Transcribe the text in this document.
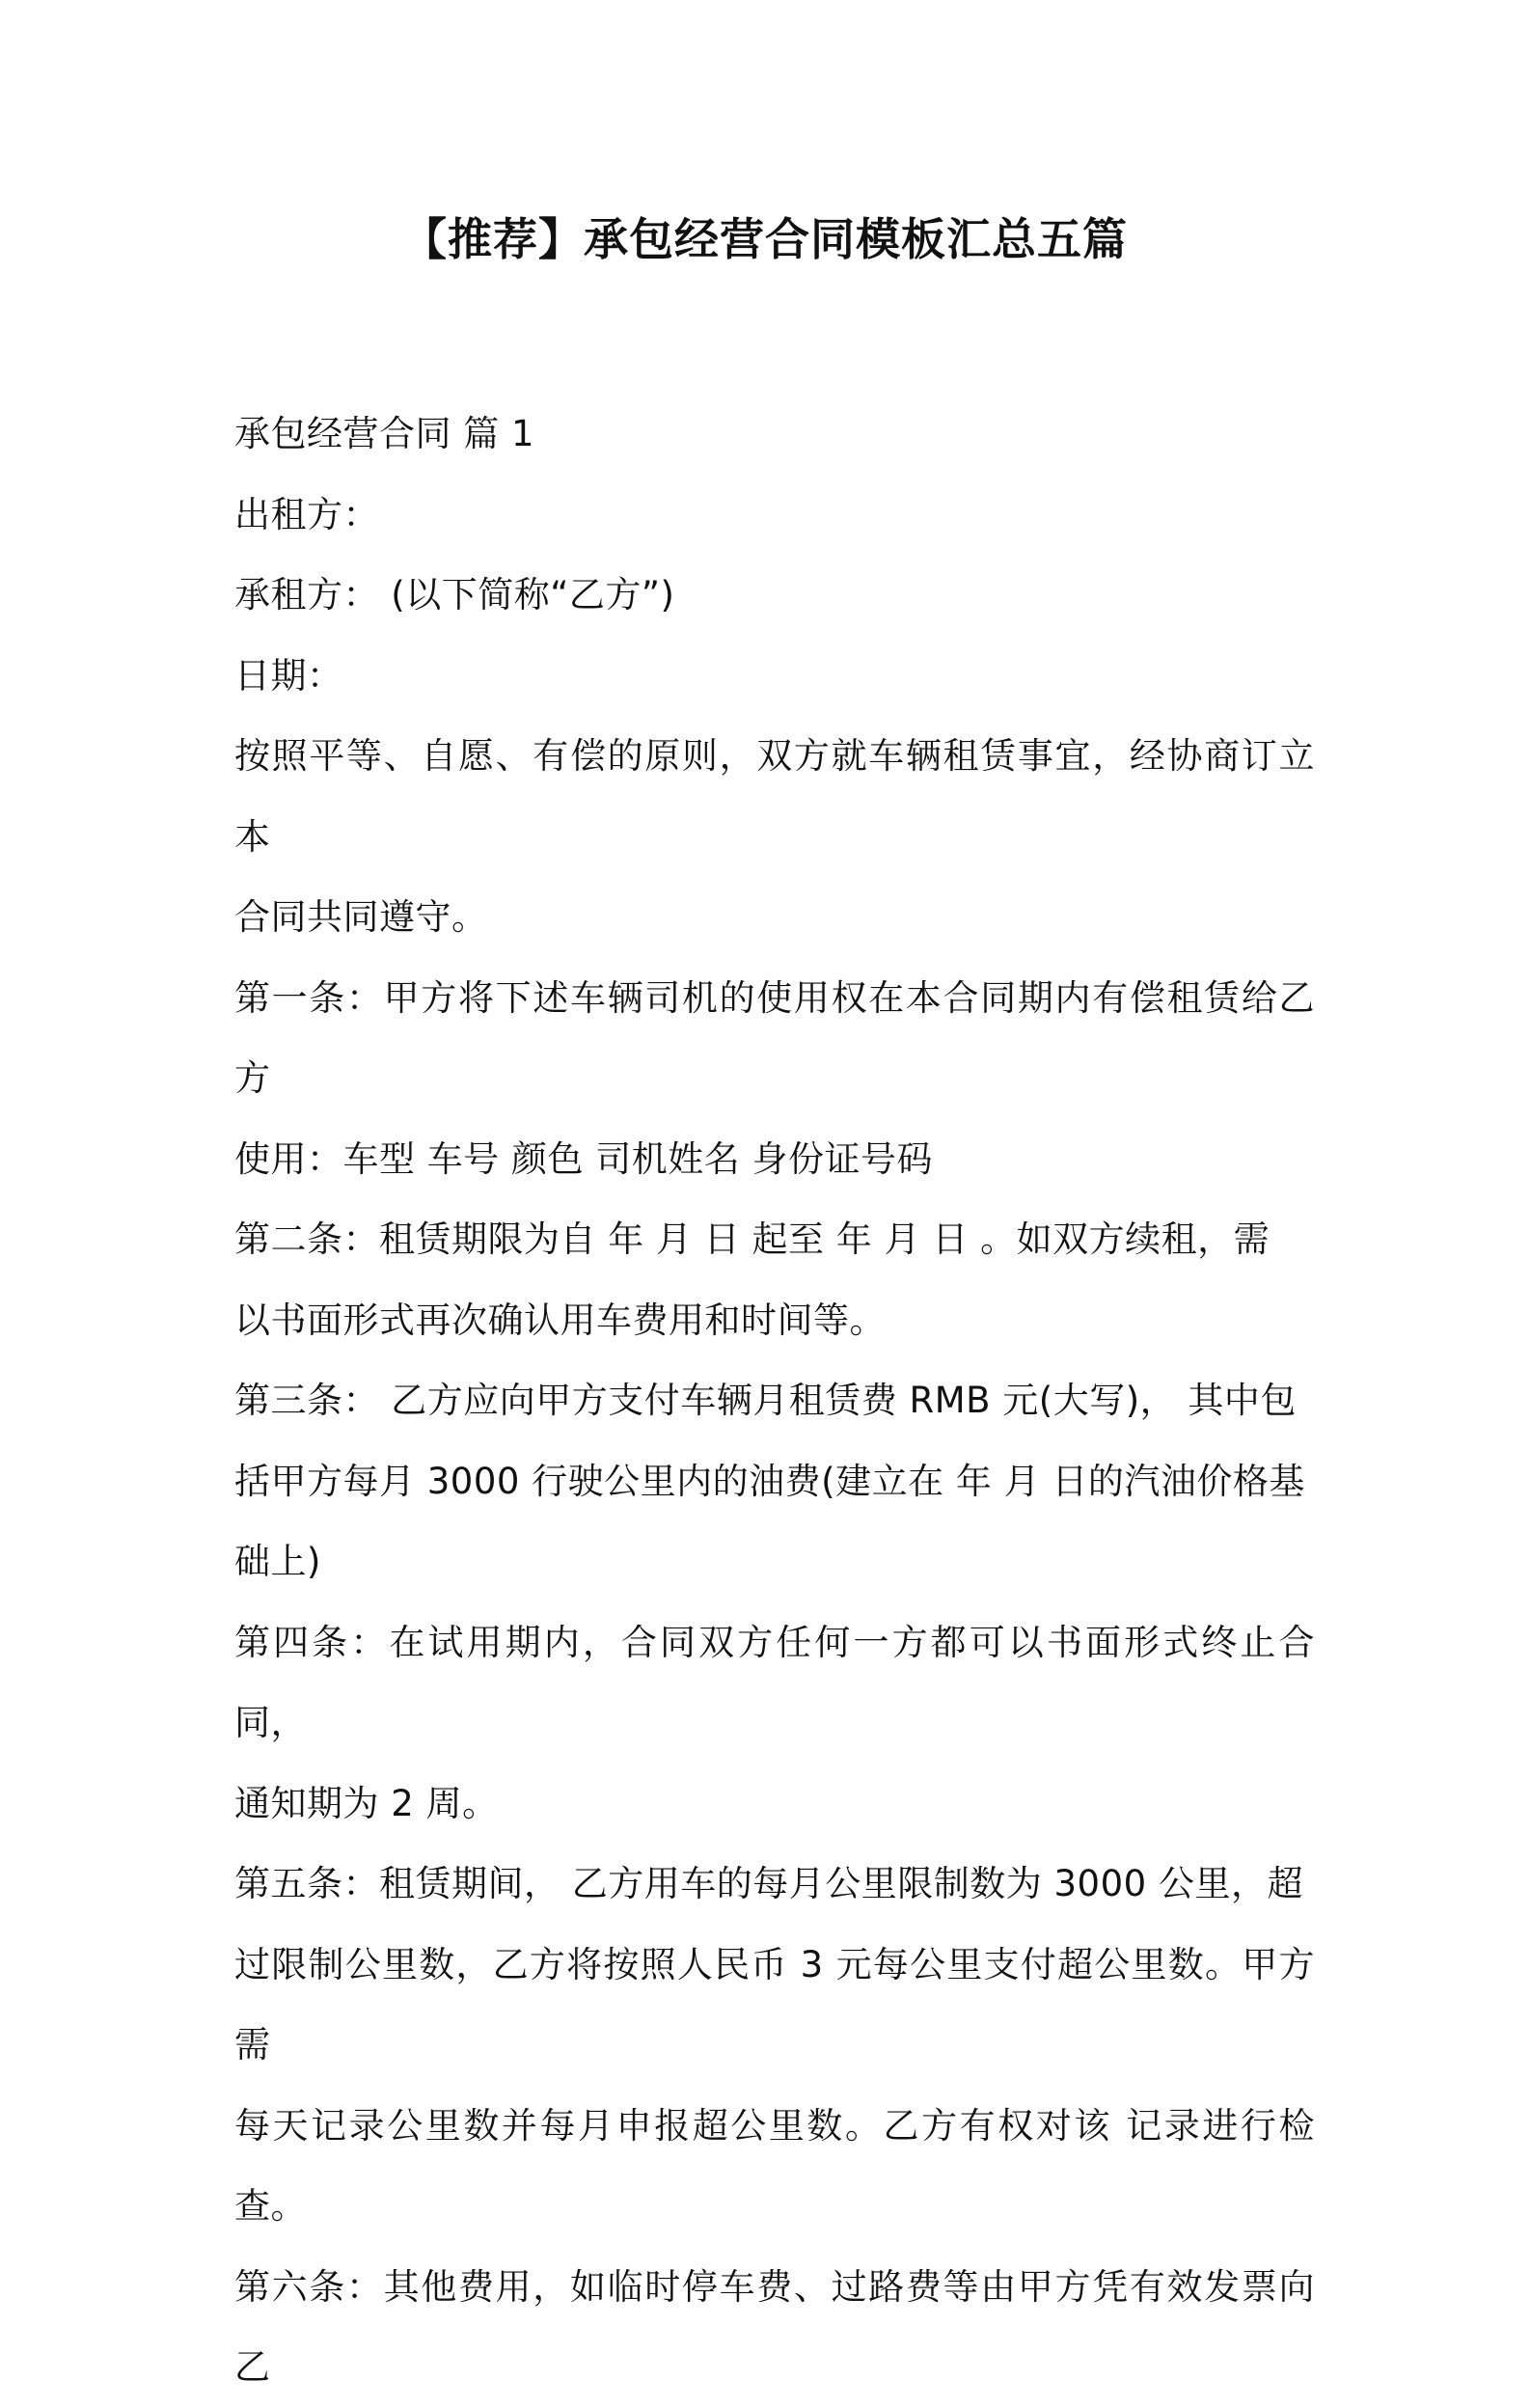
【推荐】承包经营合同模板汇总五篇

承包经营合同 篇 1

出租方：

承租方： (以下简称“乙方”)

日期：

按照平等、自愿、有偿的原则，双方就车辆租赁事宜，经协商订立本

合同共同遵守。

第一条：甲方将下述车辆司机的使用权在本合同期内有偿租赁给乙方

使用：车型 车号 颜色 司机姓名 身份证号码

第二条：租赁期限为自 年 月 日 起至 年 月 日 。如双方续租，需

以书面形式再次确认用车费用和时间等。

第三条： 乙方应向甲方支付车辆月租赁费 RMB 元(大写)， 其中包

括甲方每月 3000 行驶公里内的油费(建立在 年 月 日的汽油价格基

础上)

第四条：在试用期内，合同双方任何一方都可以书面形式终止合同，

通知期为 2 周。

第五条：租赁期间， 乙方用车的每月公里限制数为 3000 公里，超

过限制公里数，乙方将按照人民币 3 元每公里支付超公里数。甲方需

每天记录公里数并每月申报超公里数。乙方有权对该 记录进行检查。

第六条：其他费用，如临时停车费、过路费等由甲方凭有效发票向 乙
